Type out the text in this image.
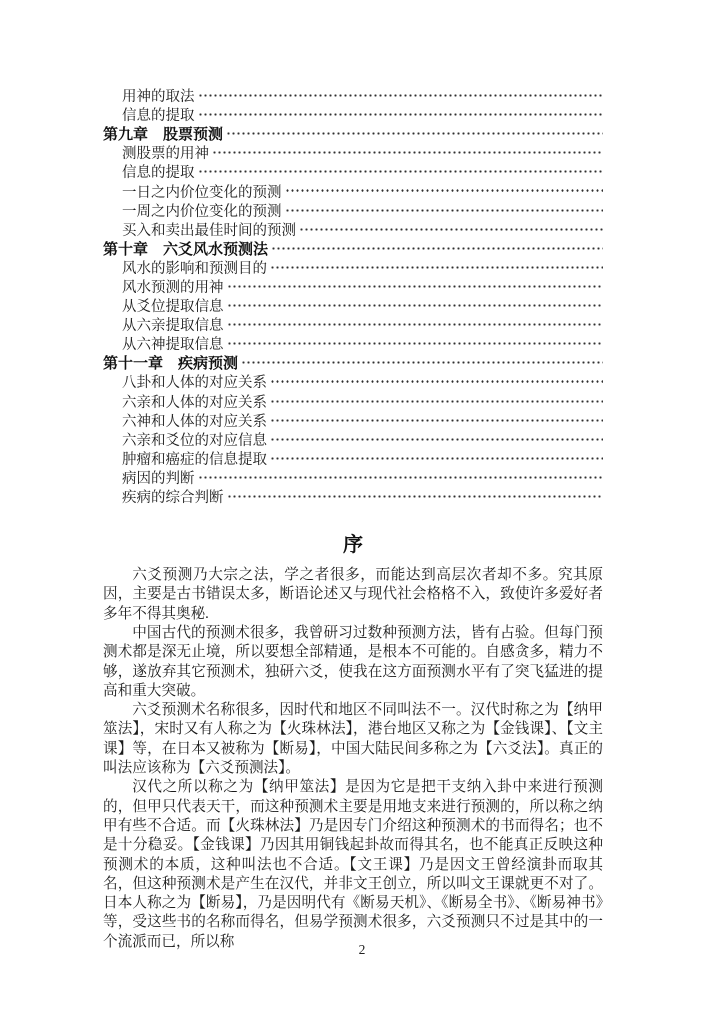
用神的取法
信息的提取
第九章　股票预测
测股票的用神
信息的提取
一日之内价位变化的预测
一周之内价位变化的预测
买入和卖出最佳时间的预测
第十章　六爻风水预测法
风水的影响和预测目的
风水预测的用神
从爻位提取信息
从六亲提取信息
从六神提取信息
第十一章　疾病预测
八卦和人体的对应关系
六亲和人体的对应关系
六神和人体的对应关系
六亲和爻位的对应信息
肿瘤和癌症的信息提取
病因的判断
疾病的综合判断
序

六爻预测乃大宗之法，学之者很多，而能达到高层次者却不多。究其原因，主要是古书错误太多，断语论述又与现代社会格格不入，致使许多爱好者多年不得其奥秘.

中国古代的预测术很多，我曾研习过数种预测方法，皆有占验。但每门预测术都是深无止境，所以要想全部精通，是根本不可能的。自感贪多，精力不够，遂放弃其它预测术，独研六爻，使我在这方面预测水平有了突飞猛进的提高和重大突破。

六爻预测术名称很多，因时代和地区不同叫法不一。汉代时称之为【纳甲筮法】，宋时又有人称之为【火珠林法】，港台地区又称之为【金钱课】、【文主课】等，在日本又被称为【断易】，中国大陆民间多称之为【六爻法】。真正的叫法应该称为【六爻预测法】。

汉代之所以称之为【纳甲筮法】是因为它是把干支纳入卦中来进行预测的，但甲只代表天干，而这种预测术主要是用地支来进行预测的，所以称之纳甲有些不合适。而【火珠林法】乃是因专门介绍这种预测术的书而得名；也不是十分稳妥。【金钱课】乃因其用铜钱起卦故而得其名，也不能真正反映这种预测术的本质，这种叫法也不合适。【文王课】乃是因文王曾经演卦而取其名，但这种预测术是产生在汉代，并非文王创立，所以叫文王课就更不对了。日本人称之为【断易】，乃是因明代有《断易天机》、《断易全书》、《断易神书》等，受这些书的名称而得名，但易学预测术很多，六爻预测只不过是其中的一个流派而已，所以称	2
